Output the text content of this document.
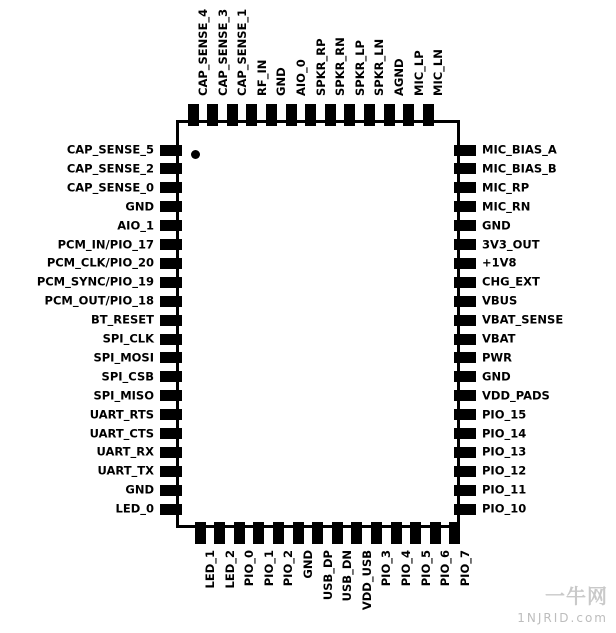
CAP_SENSE_5
CAP_SENSE_2
CAP_SENSE_0
GND
AIO_1
PCM_IN/PIO_17
PCM_CLK/PIO_20
PCM_SYNC/PIO_19
PCM_OUT/PIO_18
BT_RESET
SPI_CLK
SPI_MOSI
SPI_CSB
SPI_MISO
UART_RTS
UART_CTS
UART_RX
UART_TX
GND
LED_0
MIC_BIAS_A
MIC_BIAS_B
MIC_RP
MIC_RN
GND
3V3_OUT
+1V8
CHG_EXT
VBUS
VBAT_SENSE
VBAT
PWR
GND
VDD_PADS
PIO_15
PIO_14
PIO_13
PIO_12
PIO_11
PIO_10
CAP_SENSE_4 CAP_SENSE_3 CAP_SENSE_1 RF_IN GND AIO_0 SPKR_RP SPKR_RN SPKR_LP SPKR_LN AGND MIC_LP MIC_LN
LED_1 LED_2 PIO_0 PIO_1 PIO_2 GND USB_DP USB_DN VDD_USB PIO_3 PIO_4 PIO_5 PIO_6 PIO_7
一牛网
1NJRID.com
